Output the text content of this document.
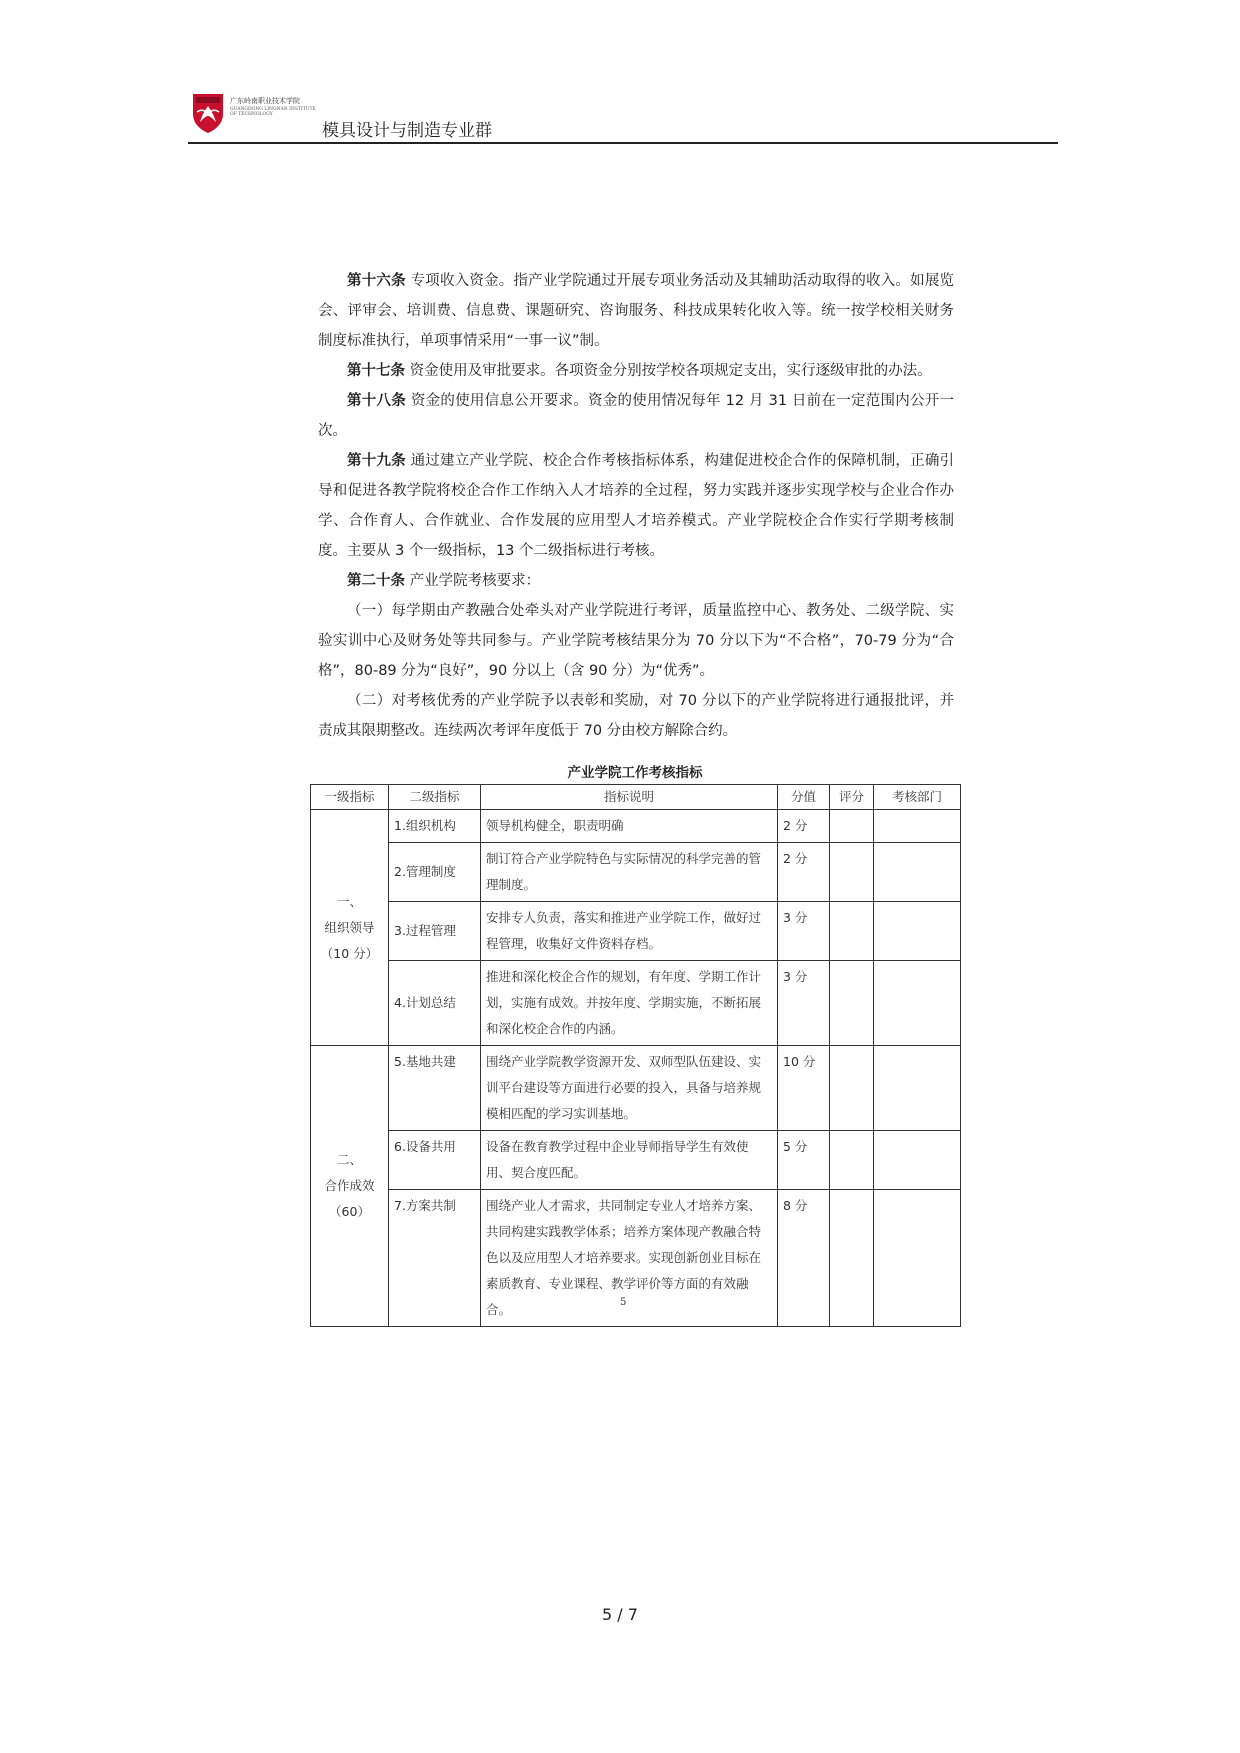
广东岭南职业技术学院
GUANGDONG LINGNAN INSTITUTE OF TECHNOLOGY
模具设计与制造专业群

第十六条 专项收入资金。指产业学院通过开展专项业务活动及其辅助活动取得的收入。如展览会、评审会、培训费、信息费、课题研究、咨询服务、科技成果转化收入等。统一按学校相关财务制度标准执行，单项事情采用“一事一议”制。

第十七条 资金使用及审批要求。各项资金分别按学校各项规定支出，实行逐级审批的办法。

第十八条 资金的使用信息公开要求。资金的使用情况每年 12 月 31 日前在一定范围内公开一次。

第十九条 通过建立产业学院、校企合作考核指标体系，构建促进校企合作的保障机制，正确引导和促进各教学院将校企合作工作纳入人才培养的全过程，努力实践并逐步实现学校与企业合作办学、合作育人、合作就业、合作发展的应用型人才培养模式。产业学院校企合作实行学期考核制度。主要从 3 个一级指标，13 个二级指标进行考核。

第二十条 产业学院考核要求：

（一）每学期由产教融合处牵头对产业学院进行考评，质量监控中心、教务处、二级学院、实验实训中心及财务处等共同参与。产业学院考核结果分为 70 分以下为“不合格”，70-79 分为“合格”，80-89 分为“良好”，90 分以上（含 90 分）为“优秀”。

（二）对考核优秀的产业学院予以表彰和奖励，对 70 分以下的产业学院将进行通报批评，并责成其限期整改。连续两次考评年度低于 70 分由校方解除合约。

产业学院工作考核指标
一级指标	二级指标	指标说明	分值	评分	考核部门
一、
组织领导
（10 分）	1.组织机构	领导机构健全，职责明确	2 分		
	2.管理制度	制订符合产业学院特色与实际情况的科学完善的管理制度。	2 分		
	3.过程管理	安排专人负责，落实和推进产业学院工作，做好过程管理，收集好文件资料存档。	3 分		
	4.计划总结	推进和深化校企合作的规划，有年度、学期工作计划，实施有成效。并按年度、学期实施，不断拓展和深化校企合作的内涵。	3 分		
二、
合作成效
（60）	5.基地共建	围绕产业学院教学资源开发、双师型队伍建设、实训平台建设等方面进行必要的投入，具备与培养规模相匹配的学习实训基地。	10 分		
	6.设备共用	设备在教育教学过程中企业导师指导学生有效使用、契合度匹配。	5 分		
	7.方案共制	围绕产业人才需求，共同制定专业人才培养方案、共同构建实践教学体系；培养方案体现产教融合特色以及应用型人才培养要求。实现创新创业目标在素质教育、专业课程、教学评价等方面的有效融合。	8 分		
5
5 / 7
